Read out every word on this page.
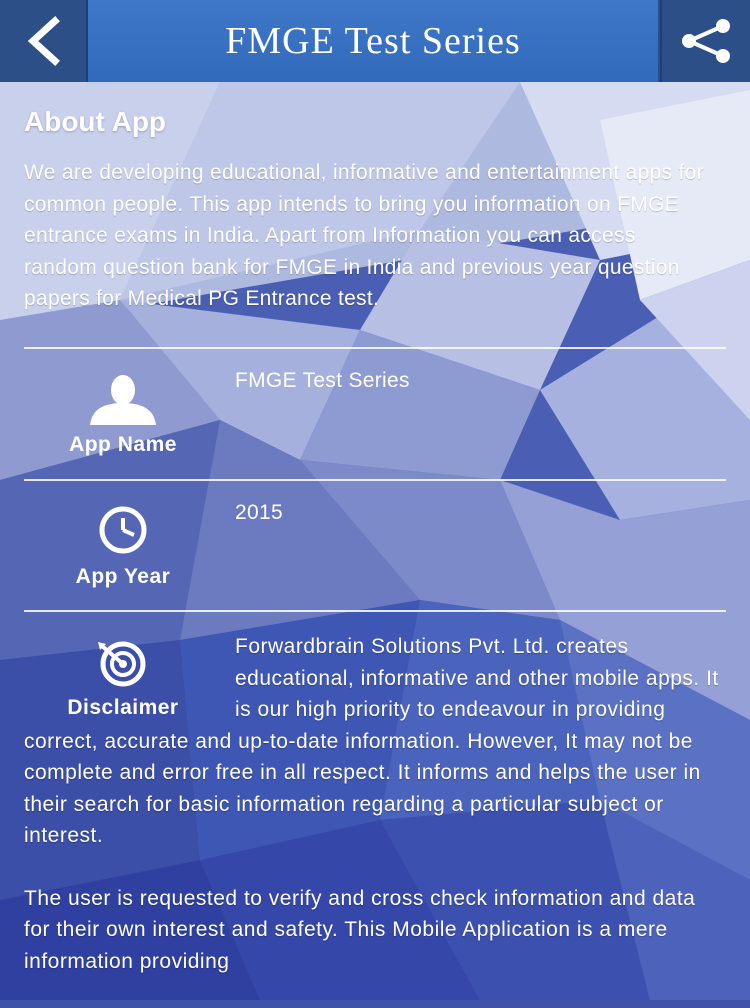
FMGE Test Series
About App

We are developing educational, informative and entertainment apps for common people. This app intends to bring you information on FMGE entrance exams in India. Apart from Information you can access random question bank for FMGE in India and previous year question papers for Medical PG Entrance test.

App Name
FMGE Test Series
App Year
2015
Disclaimer

Forwardbrain Solutions Pvt. Ltd. creates educational, informative and other mobile apps. It is our high priority to endeavour in providing correct, accurate and up-to-date information. However, It may not be complete and error free in all respect. It informs and helps the user in their search for basic information regarding a particular subject or interest.

The user is requested to verify and cross check information and data for their own interest and safety. This Mobile Application is a mere information providing
